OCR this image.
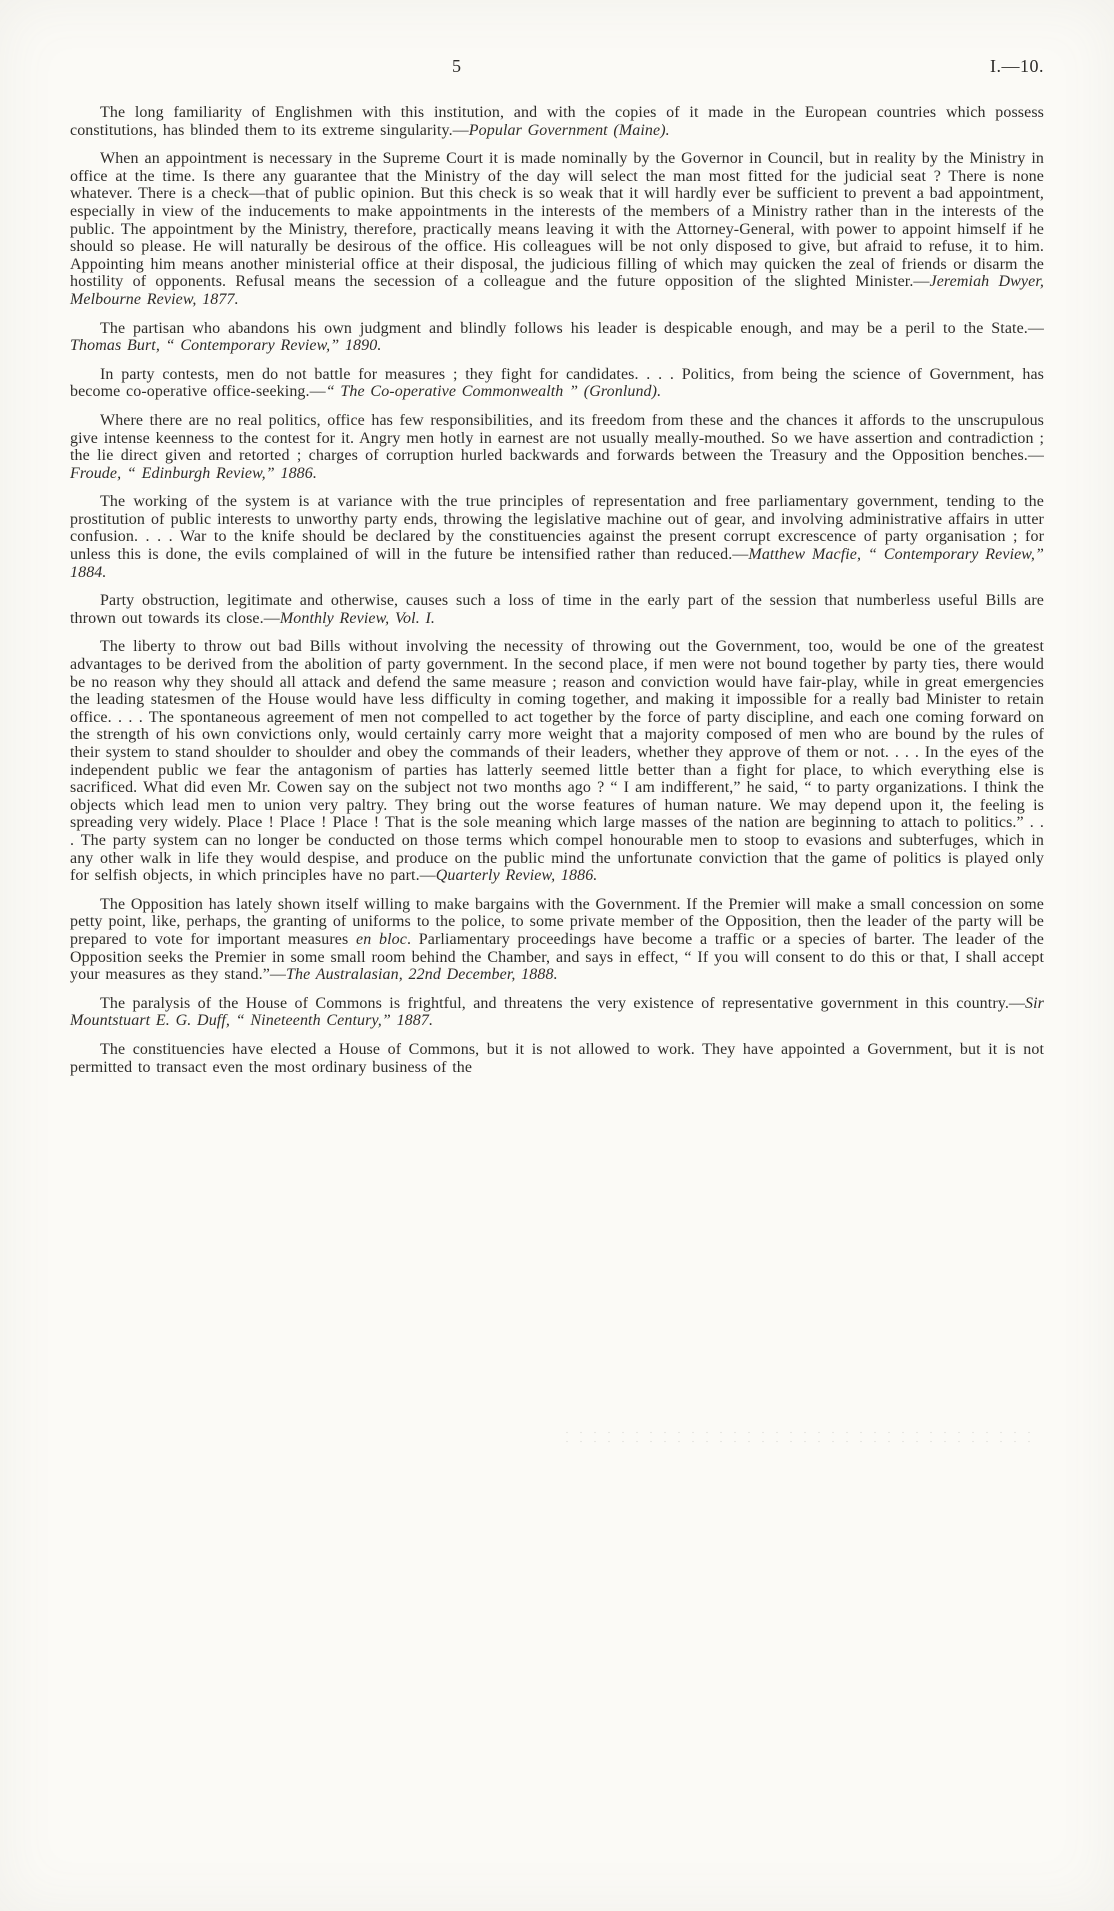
5	I.—10.

The long familiarity of Englishmen with this institution, and with the copies of it made in the European countries which possess constitutions, has blinded them to its extreme singularity.—Popular Government (Maine).

When an appointment is necessary in the Supreme Court it is made nominally by the Governor in Council, but in reality by the Ministry in office at the time. Is there any guarantee that the Ministry of the day will select the man most fitted for the judicial seat ? There is none whatever. There is a check—that of public opinion. But this check is so weak that it will hardly ever be sufficient to prevent a bad appointment, especially in view of the inducements to make appointments in the interests of the members of a Ministry rather than in the interests of the public. The appointment by the Ministry, therefore, practically means leaving it with the Attorney-General, with power to appoint himself if he should so please. He will naturally be desirous of the office. His colleagues will be not only disposed to give, but afraid to refuse, it to him. Appointing him means another ministerial office at their disposal, the judicious filling of which may quicken the zeal of friends or disarm the hostility of opponents. Refusal means the secession of a colleague and the future opposition of the slighted Minister.—Jeremiah Dwyer, Melbourne Review, 1877.

The partisan who abandons his own judgment and blindly follows his leader is despicable enough, and may be a peril to the State.—Thomas Burt, “ Contemporary Review,” 1890.

In party contests, men do not battle for measures ; they fight for candidates. . . . Politics, from being the science of Government, has become co-operative office-seeking.—“ The Co-operative Commonwealth ” (Gronlund).

Where there are no real politics, office has few responsibilities, and its freedom from these and the chances it affords to the unscrupulous give intense keenness to the contest for it. Angry men hotly in earnest are not usually meally-mouthed. So we have assertion and contradiction ; the lie direct given and retorted ; charges of corruption hurled backwards and forwards between the Treasury and the Opposition benches.—Froude, “ Edinburgh Review,” 1886.

The working of the system is at variance with the true principles of representation and free parliamentary government, tending to the prostitution of public interests to unworthy party ends, throwing the legislative machine out of gear, and involving administrative affairs in utter confusion. . . . War to the knife should be declared by the constituencies against the present corrupt excrescence of party organisation ; for unless this is done, the evils complained of will in the future be intensified rather than reduced.—Matthew Macfie, “ Contemporary Review,” 1884.

Party obstruction, legitimate and otherwise, causes such a loss of time in the early part of the session that numberless useful Bills are thrown out towards its close.—Monthly Review, Vol. I.

The liberty to throw out bad Bills without involving the necessity of throwing out the Government, too, would be one of the greatest advantages to be derived from the abolition of party government. In the second place, if men were not bound together by party ties, there would be no reason why they should all attack and defend the same measure ; reason and conviction would have fair-play, while in great emergencies the leading statesmen of the House would have less difficulty in coming together, and making it impossible for a really bad Minister to retain office. . . . The spontaneous agreement of men not compelled to act together by the force of party discipline, and each one coming forward on the strength of his own convictions only, would certainly carry more weight that a majority composed of men who are bound by the rules of their system to stand shoulder to shoulder and obey the commands of their leaders, whether they approve of them or not. . . . In the eyes of the independent public we fear the antagonism of parties has latterly seemed little better than a fight for place, to which everything else is sacrificed. What did even Mr. Cowen say on the subject not two months ago ? “ I am indifferent,” he said, “ to party organizations. I think the objects which lead men to union very paltry. They bring out the worse features of human nature. We may depend upon it, the feeling is spreading very widely. Place ! Place ! Place ! That is the sole meaning which large masses of the nation are beginning to attach to politics.” . . . The party system can no longer be conducted on those terms which compel honourable men to stoop to evasions and subterfuges, which in any other walk in life they would despise, and produce on the public mind the unfortunate conviction that the game of politics is played only for selfish objects, in which principles have no part.—Quarterly Review, 1886.

The Opposition has lately shown itself willing to make bargains with the Government. If the Premier will make a small concession on some petty point, like, perhaps, the granting of uniforms to the police, to some private member of the Opposition, then the leader of the party will be prepared to vote for important measures en bloc. Parliamentary proceedings have become a traffic or a species of barter. The leader of the Opposition seeks the Premier in some small room behind the Chamber, and says in effect, “ If you will consent to do this or that, I shall accept your measures as they stand.”—The Australasian, 22nd December, 1888.

The paralysis of the House of Commons is frightful, and threatens the very existence of representative government in this country.—Sir Mountstuart E. G. Duff, “ Nineteenth Century,” 1887.

The constituencies have elected a House of Commons, but it is not allowed to work. They have appointed a Government, but it is not permitted to transact even the most ordinary business of the
